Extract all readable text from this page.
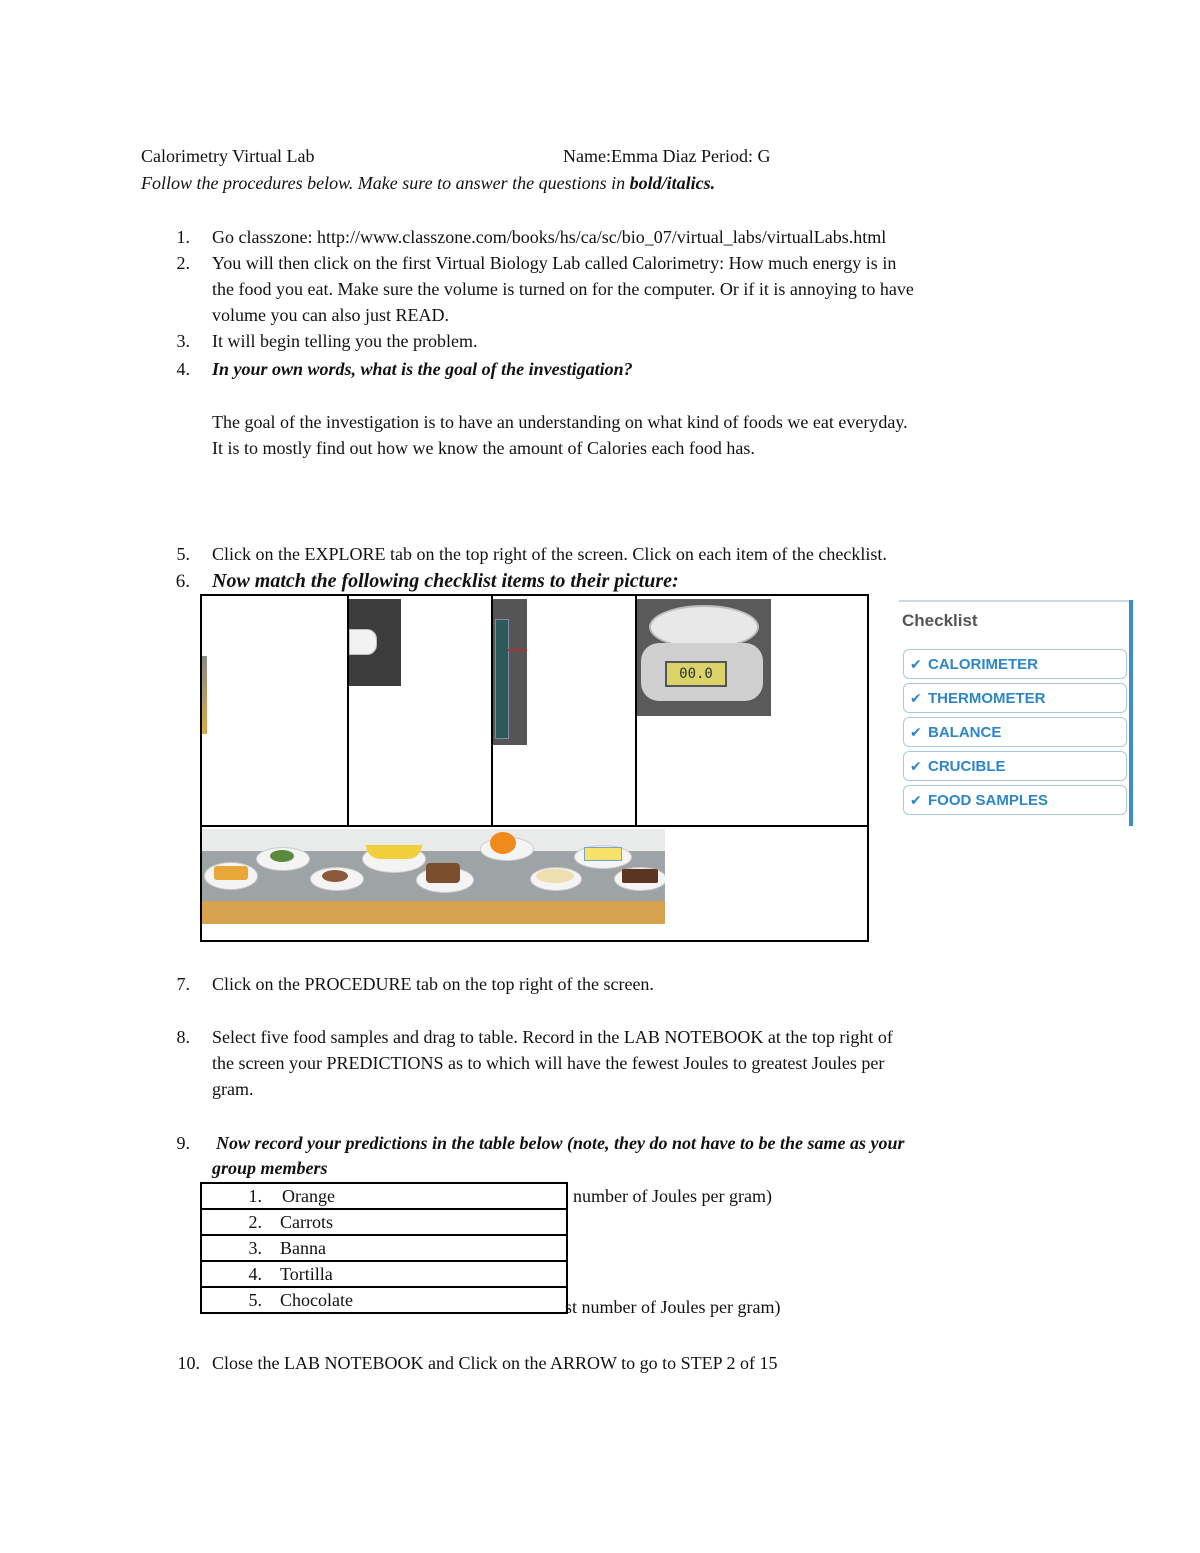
Calorimetry Virtual Lab	Name:Emma Diaz Period: G
Follow the procedures below. Make sure to answer the questions in bold/italics.
1. Go classzone: http://www.classzone.com/books/hs/ca/sc/bio_07/virtual_labs/virtualLabs.html
2. You will then click on the first Virtual Biology Lab called Calorimetry: How much energy is in
the food you eat. Make sure the volume is turned on for the computer. Or if it is annoying to have
volume you can also just READ.
3. It will begin telling you the problem.
4. In your own words, what is the goal of the investigation?
The goal of the investigation is to have an understanding on what kind of foods we eat everyday.
It is to mostly find out how we know the amount of Calories each food has.
5. Click on the EXPLORE tab on the top right of the screen. Click on each item of the checklist.
6. Now match the following checklist items to their picture:
00.0
Checklist
✔ CALORIMETER
✔ THERMOMETER
✔ BALANCE
✔ CRUCIBLE
✔ FOOD SAMPLES
7. Click on the PROCEDURE tab on the top right of the screen.
8. Select five food samples and drag to table. Record in the LAB NOTEBOOK at the top right of
the screen your PREDICTIONS as to which will have the fewest Joules to greatest Joules per
gram.
9. Now record your predictions in the table below (note, they do not have to be the same as your
group members
1. Orange
2. Carrots
3. Banna
4. Tortilla
5. Chocolate
number of Joules per gram)
st number of Joules per gram)
10. Close the LAB NOTEBOOK and Click on the ARROW to go to STEP 2 of 15
